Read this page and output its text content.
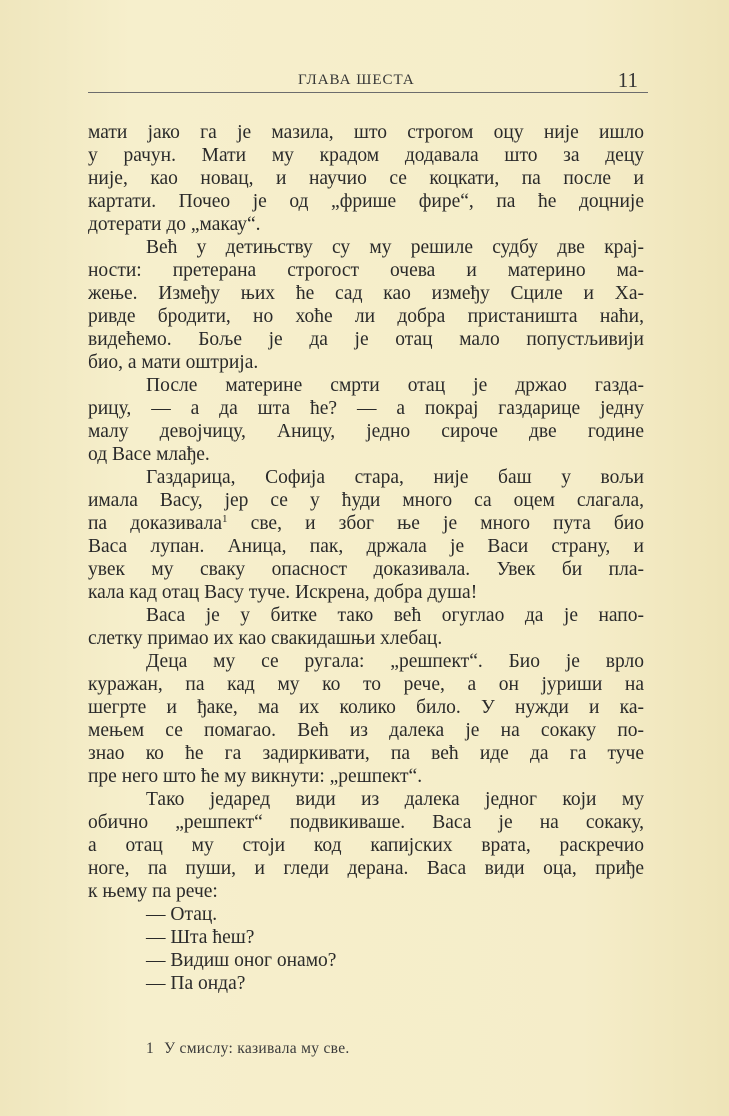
ГЛАВА ШЕСТА	11
мати јако га је мазила, што строгом оцу није ишло
у рачун. Мати му крадом додавала што за децу
није, као новац, и научио се коцкати, па после и
картати. Почео је од „фрише фире“, па ће доцније
дотерати до „макау“.
Већ у детињству су му решиле судбу две крај-
ности: претерана строгост очева и материно ма-
жење. Између њих ће сад као између Сциле и Ха-
ривде бродити, но хоће ли добра пристаништа наћи,
видећемо. Боље је да је отац мало попустљивији
био, а мати оштрија.
После материне смрти отац је држао газда-
рицу, — а да шта ће? — а покрај газдарице једну
малу девојчицу, Аницу, једно сироче две године
од Васе млађе.
Газдарица, Софија стара, није баш у вољи
имала Васу, јер се у ћуди много са оцем слагала,
па доказивала$^1$ све, и због ње је много пута био
Васа лупан. Аница, пак, држала је Васи страну, и
увек му сваку опасност доказивала. Увек би пла-
кала кад отац Васу туче. Искрена, добра душа!
Васа је у битке тако већ огуглао да је напо-
слетку примао их као свакидашњи хлебац.
Деца му се ругала: „решпект“. Био је врло
куражан, па кад му ко то рече, а он јуриши на
шегрте и ђаке, ма их колико било. У нужди и ка-
мењем се помагао. Већ из далека је на сокаку по-
знао ко ће га задиркивати, па већ иде да га туче
пре него што ће му викнути: „решпект“.
Тако једаред види из далека једног који му
обично „решпект“ подвикиваше. Васа је на сокаку,
а отац му стоји код капијских врата, раскречио
ноге, па пуши, и гледи дерана. Васа види оца, приђе
к њему па рече:
— Отац.
— Шта ћеш?
— Видиш оног онамо?
— Па онда?
1 У смислу: казивала му све.
